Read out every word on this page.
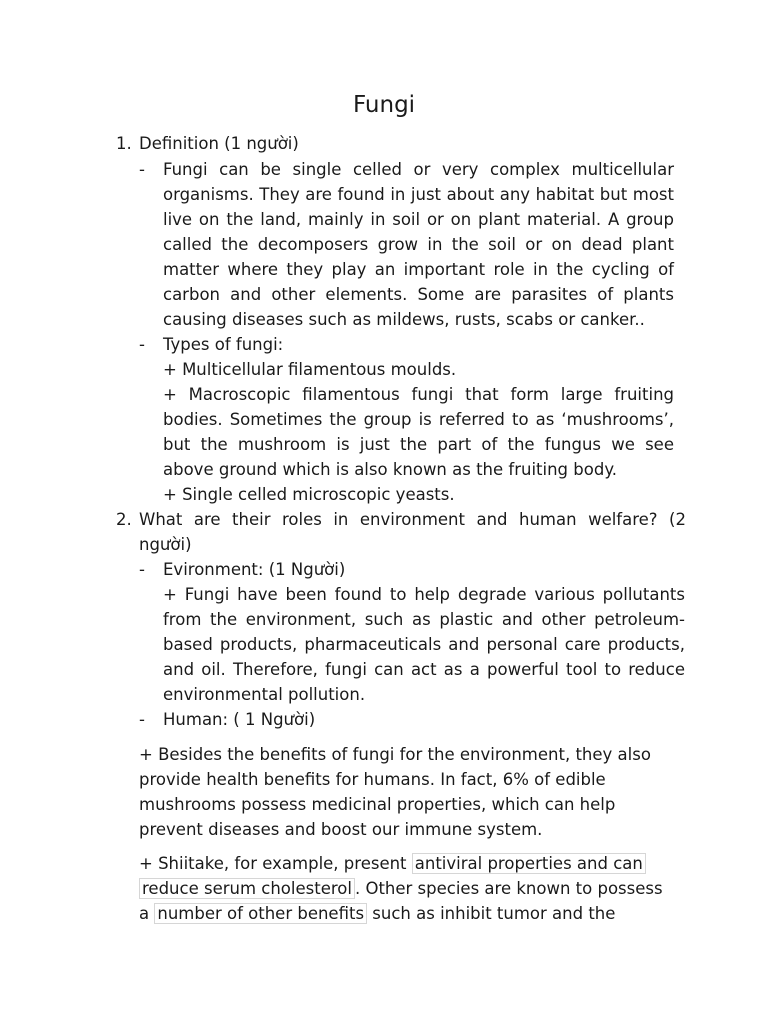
Fungi
1. Definition (1 người)
- Fungi can be single celled or very complex multicellular organisms. They are found in just about any habitat but most live on the land, mainly in soil or on plant material. A group called the decomposers grow in the soil or on dead plant matter where they play an important role in the cycling of carbon and other elements. Some are parasites of plants causing diseases such as mildews, rusts, scabs or canker..

- Types of fungi:
+ Multicellular filamentous moulds.

+ Macroscopic filamentous fungi that form large fruiting bodies. Sometimes the group is referred to as ‘mushrooms’, but the mushroom is just the part of the fungus we see above ground which is also known as the fruiting body.

+ Single celled microscopic yeasts.
2. What are their roles in environment and human welfare? (2 người)
- Evironment: (1 Người)

+ Fungi have been found to help degrade various pollutants from the environment, such as plastic and other petroleum-based products, pharmaceuticals and personal care products, and oil. Therefore, fungi can act as a powerful tool to reduce environmental pollution.

- Human: ( 1 Người)

+ Besides the benefits of fungi for the environment, they also provide health benefits for humans. In fact, 6% of edible mushrooms possess medicinal properties, which can help prevent diseases and boost our immune system.

+ Shiitake, for example, present antiviral properties and can
reduce serum cholesterol . Other species are known to possess
a number of other benefits such as inhibit tumor and the
